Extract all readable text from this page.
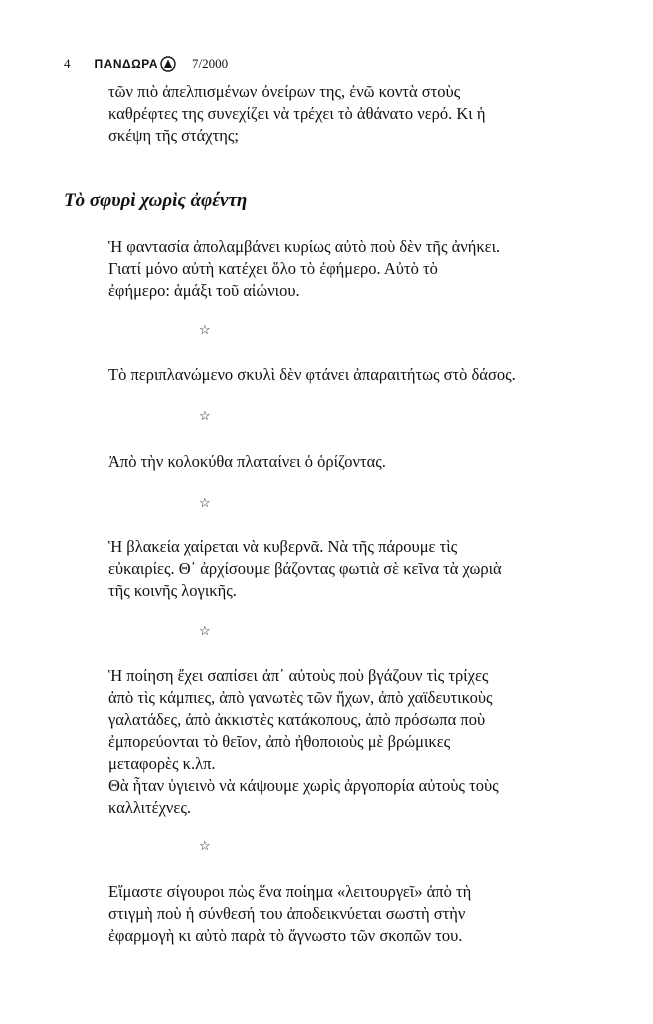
4 ΠΑΝΔΩΡΑ	7/2000

τῶν πιὸ ἀπελπισμένων ὀνείρων της, ἐνῶ κοντὰ στοὺς
καθρέφτες της συνεχίζει νὰ τρέχει τὸ ἀθάνατο νερό. Κι ἡ
σκέψη τῆς στάχτης;

Τὸ σφυρὶ χωρὶς ἀφέντη

Ἡ φαντασία ἀπολαμβάνει κυρίως αὐτὸ ποὺ δὲν τῆς ἀνήκει.
Γιατί μόνο αὐτὴ κατέχει ὅλο τὸ ἐφήμερο. Αὐτὸ τὸ
ἐφήμερο: ἁμάξι τοῦ αἰώνιου.

☆

Τὸ περιπλανώμενο σκυλὶ δὲν φτάνει ἀπαραιτήτως στὸ δάσος.

☆

Ἀπὸ τὴν κολοκύθα πλαταίνει ὁ ὁρίζοντας.

☆

Ἡ βλακεία χαίρεται νὰ κυβερνᾶ. Νὰ τῆς πάρουμε τὶς
εὐκαιρίες. Θ᾽ ἀρχίσουμε βάζοντας φωτιὰ σὲ κεῖνα τὰ χωριὰ
τῆς κοινῆς λογικῆς.

☆

Ἡ ποίηση ἔχει σαπίσει ἀπ᾽ αὐτοὺς ποὺ βγάζουν τὶς τρίχες
ἀπὸ τὶς κάμπιες, ἀπὸ γανωτὲς τῶν ἤχων, ἀπὸ χαϊδευτικοὺς
γαλατάδες, ἀπὸ ἀκκιστὲς κατάκοπους, ἀπὸ πρόσωπα ποὺ
ἐμπορεύονται τὸ θεῖον, ἀπὸ ἠθοποιοὺς μὲ βρώμικες
μεταφορὲς κ.λπ.
Θὰ ἦταν ὑγιεινὸ νὰ κάψουμε χωρὶς ἀργοπορία αὐτοὺς τοὺς
καλλιτέχνες.

☆

Εἴμαστε σίγουροι πὼς ἕνα ποίημα «λειτουργεῖ» ἀπὸ τὴ
στιγμὴ ποὺ ἡ σύνθεσή του ἀποδεικνύεται σωστὴ στὴν
ἐφαρμογὴ κι αὐτὸ παρὰ τὸ ἄγνωστο τῶν σκοπῶν του.
